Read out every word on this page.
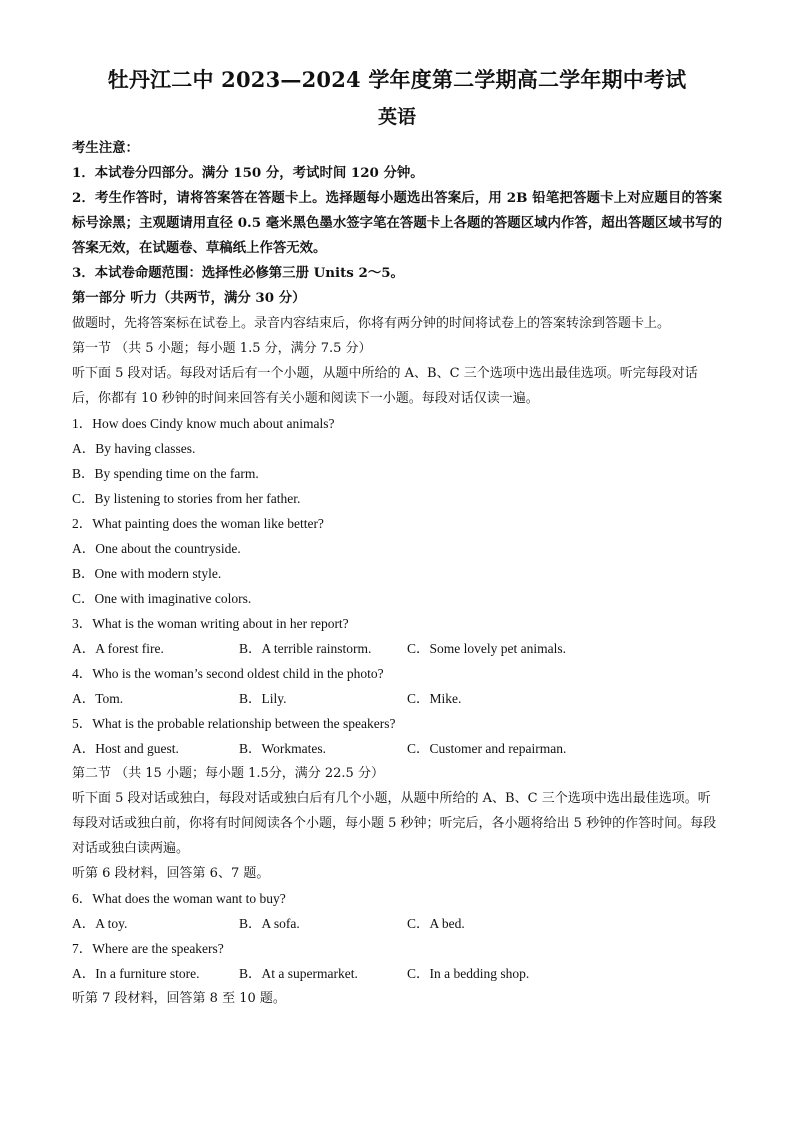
牡丹江二中 2023—2024 学年度第二学期高二学年期中考试
英语
考生注意：
1．本试卷分四部分。满分 150 分，考试时间 120 分钟。
2．考生作答时，请将答案答在答题卡上。选择题每小题选出答案后，用 2B 铅笔把答题卡上对应题目的答案标号涂黑；主观题请用直径 0.5 毫米黑色墨水签字笔在答题卡上各题的答题区域内作答，超出答题区域书写的答案无效，在试题卷、草稿纸上作答无效。
3．本试卷命题范围：选择性必修第三册 Units 2～5。
第一部分 听力（共两节，满分 30 分）
做题时，先将答案标在试卷上。录音内容结束后，你将有两分钟的时间将试卷上的答案转涂到答题卡上。
第一节 （共 5 小题；每小题 1.5 分，满分 7.5 分）
听下面 5 段对话。每段对话后有一个小题，从题中所给的 A、B、C 三个选项中选出最佳选项。听完每段对话后，你都有 10 秒钟的时间来回答有关小题和阅读下一小题。每段对话仅读一遍。
1．How does Cindy know much about animals?
A．By having classes.
B．By spending time on the farm.
C．By listening to stories from her father.
2．What painting does the woman like better?
A．One about the countryside.
B．One with modern style.
C．One with imaginative colors.
3．What is the woman writing about in her report?
A．A forest fire.	B．A terrible rainstorm.	C．Some lovely pet animals.
4．Who is the woman’s second oldest child in the photo?
A．Tom.	B．Lily.	C．Mike.
5．What is the probable relationship between the speakers?
A．Host and guest.	B．Workmates.	C．Customer and repairman.
第二节 （共 15 小题；每小题 1.5分，满分 22.5 分）
听下面 5 段对话或独白，每段对话或独白后有几个小题，从题中所给的 A、B、C 三个选项中选出最佳选项。听每段对话或独白前，你将有时间阅读各个小题，每小题 5 秒钟；听完后，各小题将给出 5 秒钟的作答时间。每段对话或独白读两遍。
听第 6 段材料，回答第 6、7 题。
6．What does the woman want to buy?
A．A toy.	B．A sofa.	C．A bed.
7．Where are the speakers?
A．In a furniture store.	B．At a supermarket.	C．In a bedding shop.
听第 7 段材料，回答第 8 至 10 题。
